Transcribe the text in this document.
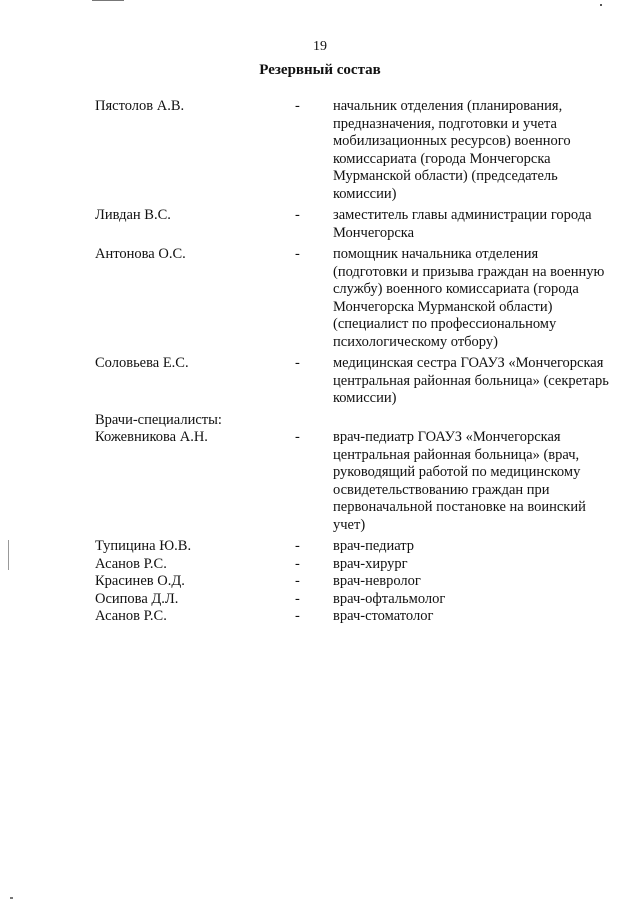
19
Резервный состав
Пястолов А.В.	-	начальник отделения (планирования, предназначения, подготовки и учета мобилизационных ресурсов) военного комиссариата (города Мончегорска Мурманской области) (председатель комиссии)
Ливдан В.С.	-	заместитель главы администрации города Мончегорска
Антонова О.С.	-	помощник начальника отделения (подготовки и призыва граждан на военную службу) военного комиссариата (города Мончегорска Мурманской области) (специалист по профессиональному психологическому отбору)
Соловьева Е.С.	-	медицинская сестра ГОАУЗ «Мончегорская центральная районная больница» (секретарь комиссии)
Врачи-специалисты:
Кожевникова А.Н.	-	врач-педиатр ГОАУЗ «Мончегорская центральная районная больница» (врач, руководящий работой по медицинскому освидетельствованию граждан при первоначальной постановке на воинский учет)
Тупицина Ю.В.	-	врач-педиатр
Асанов Р.С.	-	врач-хирург
Красинев О.Д.	-	врач-невролог
Осипова Д.Л.	-	врач-офтальмолог
Асанов Р.С.	-	врач-стоматолог
